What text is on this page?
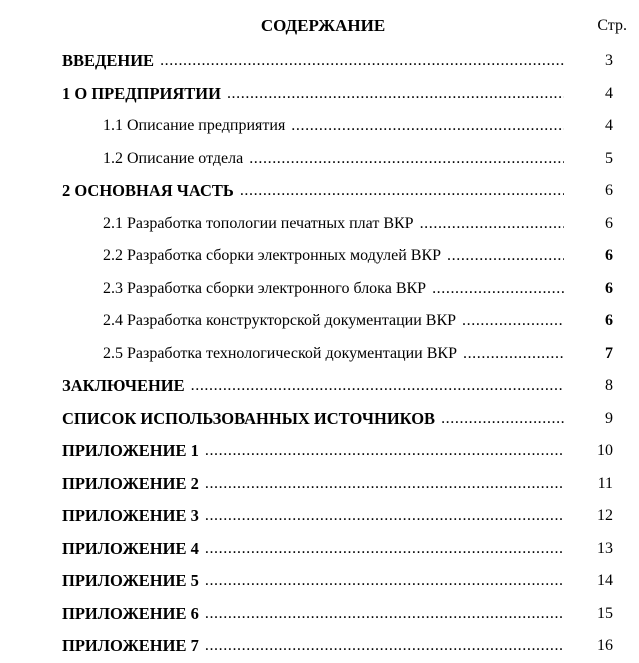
СОДЕРЖАНИЕ	Стр.
ВВЕДЕНИЕ .....	3
1 О ПРЕДПРИЯТИИ .....	4
1.1 Описание предприятия .....	4
1.2 Описание отдела .....	5
2 ОСНОВНАЯ ЧАСТЬ .....	6
2.1 Разработка топологии печатных плат ВКР .....	6
2.2 Разработка сборки электронных модулей ВКР .....	6
2.3 Разработка сборки электронного блока ВКР .....	6
2.4 Разработка конструкторской документации ВКР .....	6
2.5 Разработка технологической документации ВКР .....	7
ЗАКЛЮЧЕНИЕ .....	8
СПИСОК ИСПОЛЬЗОВАННЫХ ИСТОЧНИКОВ .....	9
ПРИЛОЖЕНИЕ 1 .....	10
ПРИЛОЖЕНИЕ 2 .....	11
ПРИЛОЖЕНИЕ 3 .....	12
ПРИЛОЖЕНИЕ 4 .....	13
ПРИЛОЖЕНИЕ 5 .....	14
ПРИЛОЖЕНИЕ 6 .....	15
ПРИЛОЖЕНИЕ 7 .....	16
